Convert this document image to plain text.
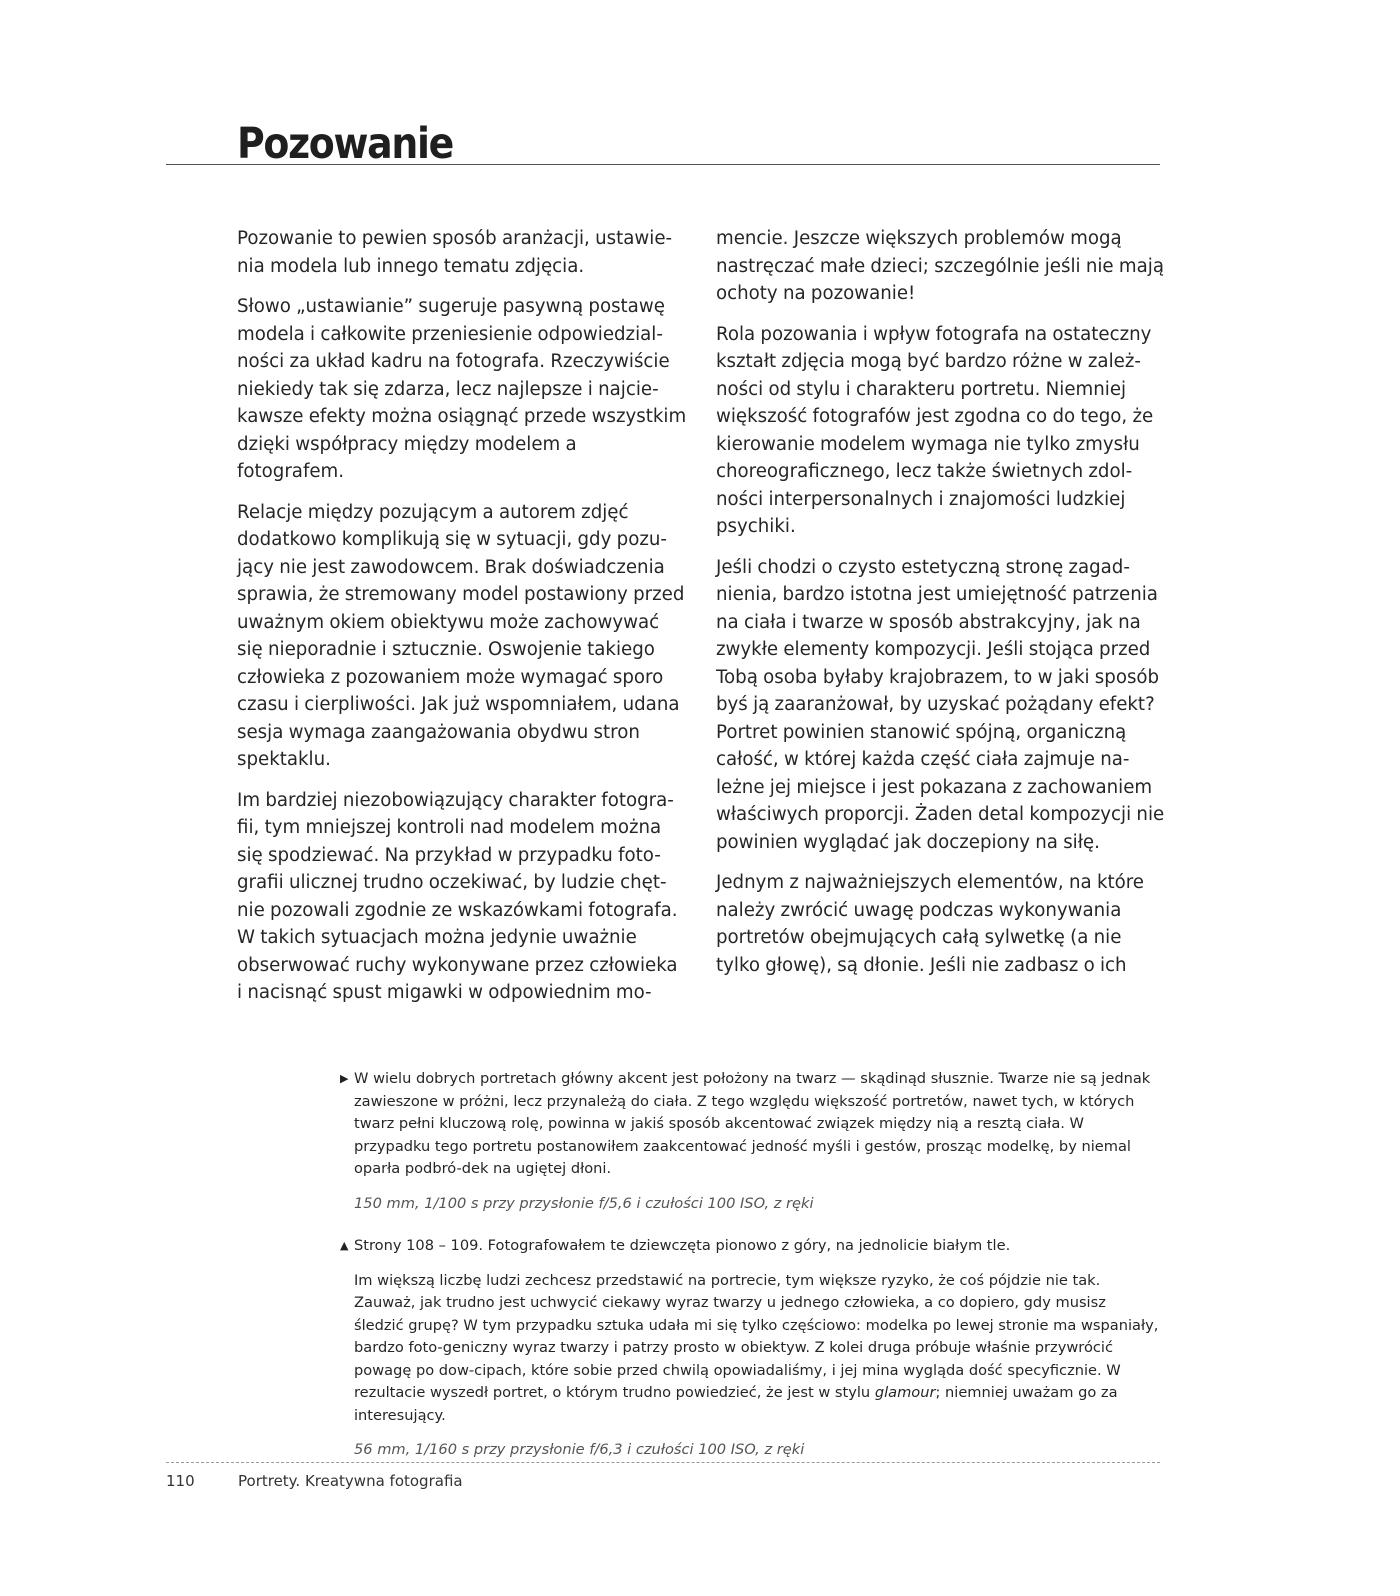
Pozowanie

Pozowanie to pewien sposób aranżacji, ustawie-nia modela lub innego tematu zdjęcia.

Słowo „ustawianie” sugeruje pasywną postawę modela i całkowite przeniesienie odpowiedzial-ności za układ kadru na fotografa. Rzeczywiście niekiedy tak się zdarza, lecz najlepsze i najcie-kawsze efekty można osiągnąć przede wszystkim dzięki współpracy między modelem a fotografem.

Relacje między pozującym a autorem zdjęć dodatkowo komplikują się w sytuacji, gdy pozu-jący nie jest zawodowcem. Brak doświadczenia sprawia, że stremowany model postawiony przed uważnym okiem obiektywu może zachowywać się nieporadnie i sztucznie. Oswojenie takiego człowieka z pozowaniem może wymagać sporo czasu i cierpliwości. Jak już wspomniałem, udana sesja wymaga zaangażowania obydwu stron spektaklu.

Im bardziej niezobowiązujący charakter fotogra-fii, tym mniejszej kontroli nad modelem można się spodziewać. Na przykład w przypadku foto-grafii ulicznej trudno oczekiwać, by ludzie chęt-nie pozowali zgodnie ze wskazówkami fotografa. W takich sytuacjach można jedynie uważnie obserwować ruchy wykonywane przez człowieka i nacisnąć spust migawki w odpowiednim mo-

mencie. Jeszcze większych problemów mogą nastręczać małe dzieci; szczególnie jeśli nie mają ochoty na pozowanie!

Rola pozowania i wpływ fotografa na ostateczny kształt zdjęcia mogą być bardzo różne w zależ-ności od stylu i charakteru portretu. Niemniej większość fotografów jest zgodna co do tego, że kierowanie modelem wymaga nie tylko zmysłu choreograficznego, lecz także świetnych zdol-ności interpersonalnych i znajomości ludzkiej psychiki.

Jeśli chodzi o czysto estetyczną stronę zagad-nienia, bardzo istotna jest umiejętność patrzenia na ciała i twarze w sposób abstrakcyjny, jak na zwykłe elementy kompozycji. Jeśli stojąca przed Tobą osoba byłaby krajobrazem, to w jaki sposób byś ją zaaranżował, by uzyskać pożądany efekt? Portret powinien stanowić spójną, organiczną całość, w której każda część ciała zajmuje na-leżne jej miejsce i jest pokazana z zachowaniem właściwych proporcji. Żaden detal kompozycji nie powinien wyglądać jak doczepiony na siłę.

Jednym z najważniejszych elementów, na które należy zwrócić uwagę podczas wykonywania portretów obejmujących całą sylwetkę (a nie tylko głowę), są dłonie. Jeśli nie zadbasz o ich

▶ W wielu dobrych portretach główny akcent jest położony na twarz — skądinąd słusznie. Twarze nie są jednak zawieszone w próżni, lecz przynależą do ciała. Z tego względu większość portretów, nawet tych, w których twarz pełni kluczową rolę, powinna w jakiś sposób akcentować związek między nią a resztą ciała. W przypadku tego portretu postanowiłem zaakcentować jedność myśli i gestów, prosząc modelkę, by niemal oparła podbró-dek na ugiętej dłoni.

150 mm, 1/100 s przy przysłonie f/5,6 i czułości 100 ISO, z ręki

▲ Strony 108 – 109. Fotografowałem te dziewczęta pionowo z góry, na jednolicie białym tle.

Im większą liczbę ludzi zechcesz przedstawić na portrecie, tym większe ryzyko, że coś pójdzie nie tak. Zauważ, jak trudno jest uchwycić ciekawy wyraz twarzy u jednego człowieka, a co dopiero, gdy musisz śledzić grupę? W tym przypadku sztuka udała mi się tylko częściowo: modelka po lewej stronie ma wspaniały, bardzo foto-geniczny wyraz twarzy i patrzy prosto w obiektyw. Z kolei druga próbuje właśnie przywrócić powagę po dow-cipach, które sobie przed chwilą opowiadaliśmy, i jej mina wygląda dość specyficznie. W rezultacie wyszedł portret, o którym trudno powiedzieć, że jest w stylu glamour; niemniej uważam go za interesujący.

56 mm, 1/160 s przy przysłonie f/6,3 i czułości 100 ISO, z ręki

110	Portrety. Kreatywna fotografia
